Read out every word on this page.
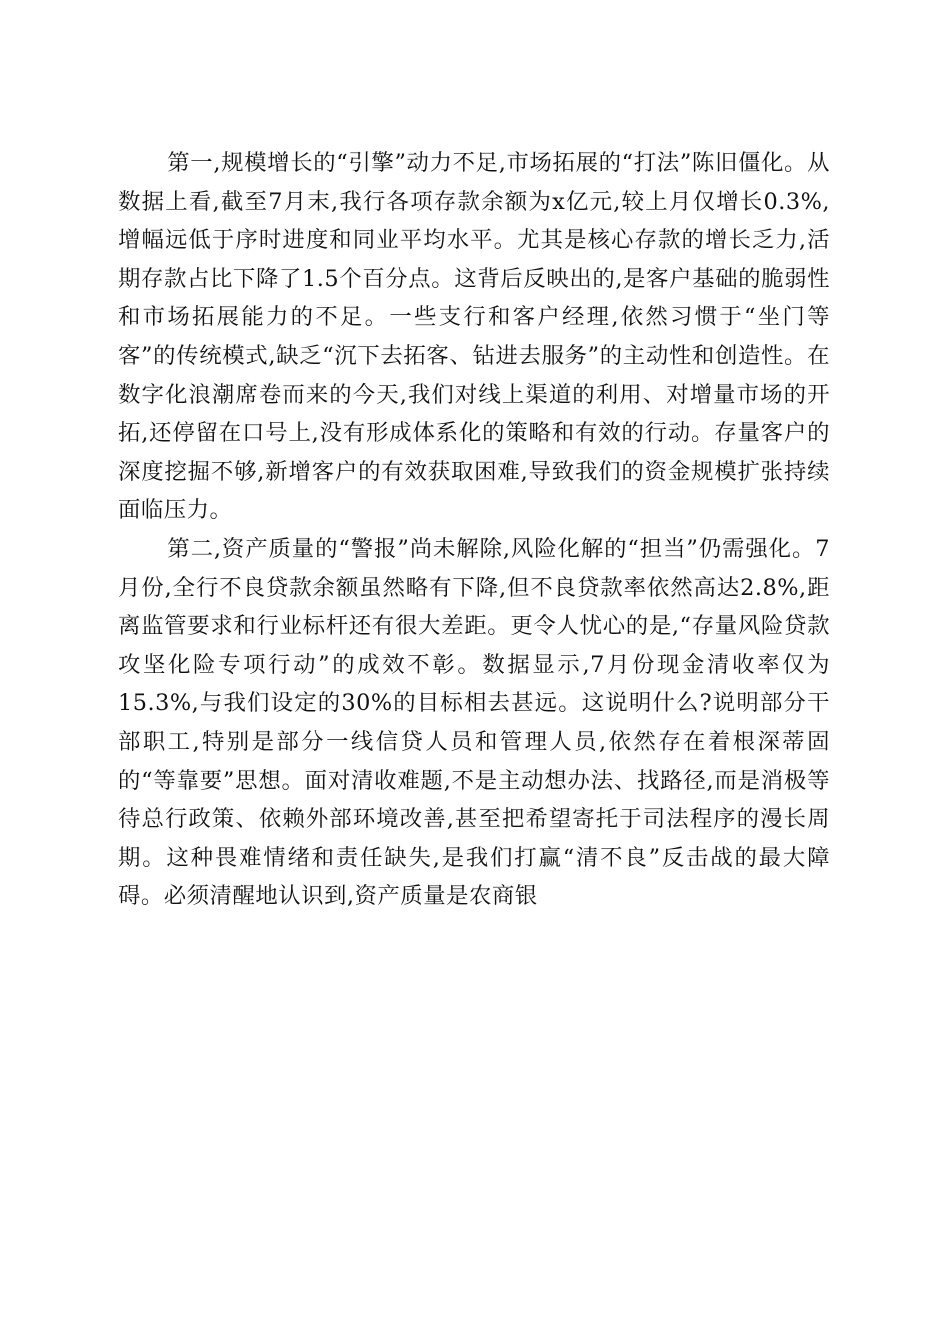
第一,规模增长的“引擎”动力不足,市场拓展的“打法”陈旧僵化。从数据上看,截至7月末,我行各项存款余额为x亿元,较上月仅增长0.3%,增幅远低于序时进度和同业平均水平。尤其是核心存款的增长乏力,活期存款占比下降了1.5个百分点。这背后反映出的,是客户基础的脆弱性和市场拓展能力的不足。一些支行和客户经理,依然习惯于“坐门等客”的传统模式,缺乏“沉下去拓客、钻进去服务”的主动性和创造性。在数字化浪潮席卷而来的今天,我们对线上渠道的利用、对增量市场的开拓,还停留在口号上,没有形成体系化的策略和有效的行动。存量客户的深度挖掘不够,新增客户的有效获取困难,导致我们的资金规模扩张持续面临压力。

第二,资产质量的“警报”尚未解除,风险化解的“担当”仍需强化。7月份,全行不良贷款余额虽然略有下降,但不良贷款率依然高达2.8%,距离监管要求和行业标杆还有很大差距。更令人忧心的是,“存量风险贷款攻坚化险专项行动”的成效不彰。数据显示,7月份现金清收率仅为15.3%,与我们设定的30%的目标相去甚远。这说明什么?说明部分干部职工,特别是部分一线信贷人员和管理人员,依然存在着根深蒂固的“等靠要”思想。面对清收难题,不是主动想办法、找路径,而是消极等待总行政策、依赖外部环境改善,甚至把希望寄托于司法程序的漫长周期。这种畏难情绪和责任缺失,是我们打赢“清不良”反击战的最大障碍。必须清醒地认识到,资产质量是农商银
